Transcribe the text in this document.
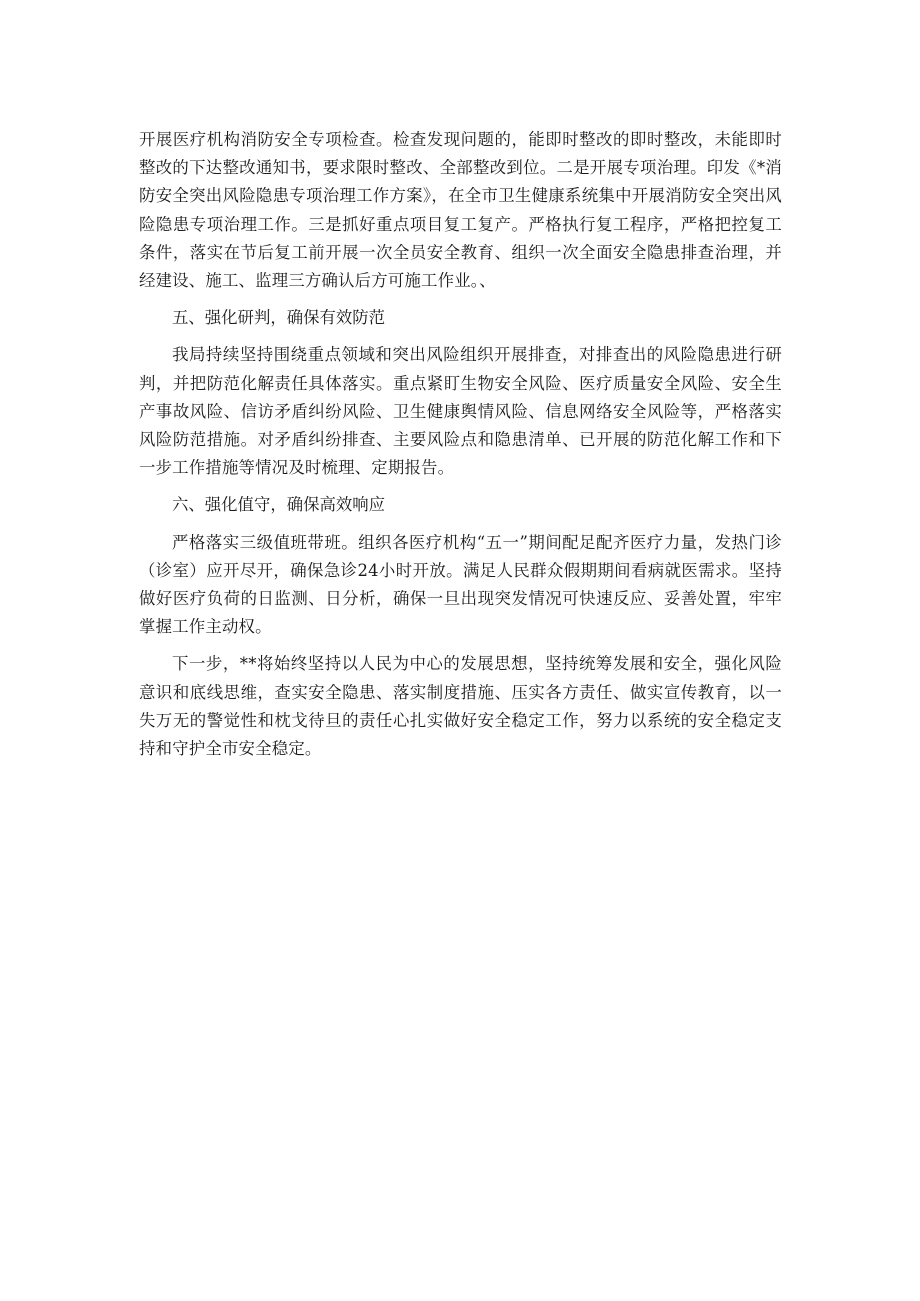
开展医疗机构消防安全专项检查。检查发现问题的，能即时整改的即时整改，未能即时整改的下达整改通知书，要求限时整改、全部整改到位。二是开展专项治理。印发《*消防安全突出风险隐患专项治理工作方案》，在全市卫生健康系统集中开展消防安全突出风险隐患专项治理工作。三是抓好重点项目复工复产。严格执行复工程序，严格把控复工条件，落实在节后复工前开展一次全员安全教育、组织一次全面安全隐患排查治理，并经建设、施工、监理三方确认后方可施工作业。、

五、强化研判，确保有效防范

我局持续坚持围绕重点领域和突出风险组织开展排查，对排查出的风险隐患进行研判，并把防范化解责任具体落实。重点紧盯生物安全风险、医疗质量安全风险、安全生产事故风险、信访矛盾纠纷风险、卫生健康舆情风险、信息网络安全风险等，严格落实风险防范措施。对矛盾纠纷排查、主要风险点和隐患清单、已开展的防范化解工作和下一步工作措施等情况及时梳理、定期报告。

六、强化值守，确保高效响应

严格落实三级值班带班。组织各医疗机构“五一”期间配足配齐医疗力量，发热门诊（诊室）应开尽开，确保急诊24小时开放。满足人民群众假期期间看病就医需求。坚持做好医疗负荷的日监测、日分析，确保一旦出现突发情况可快速反应、妥善处置，牢牢掌握工作主动权。

下一步，**将始终坚持以人民为中心的发展思想，坚持统筹发展和安全，强化风险意识和底线思维，查实安全隐患、落实制度措施、压实各方责任、做实宣传教育，以一失万无的警觉性和枕戈待旦的责任心扎实做好安全稳定工作，努力以系统的安全稳定支持和守护全市安全稳定。
